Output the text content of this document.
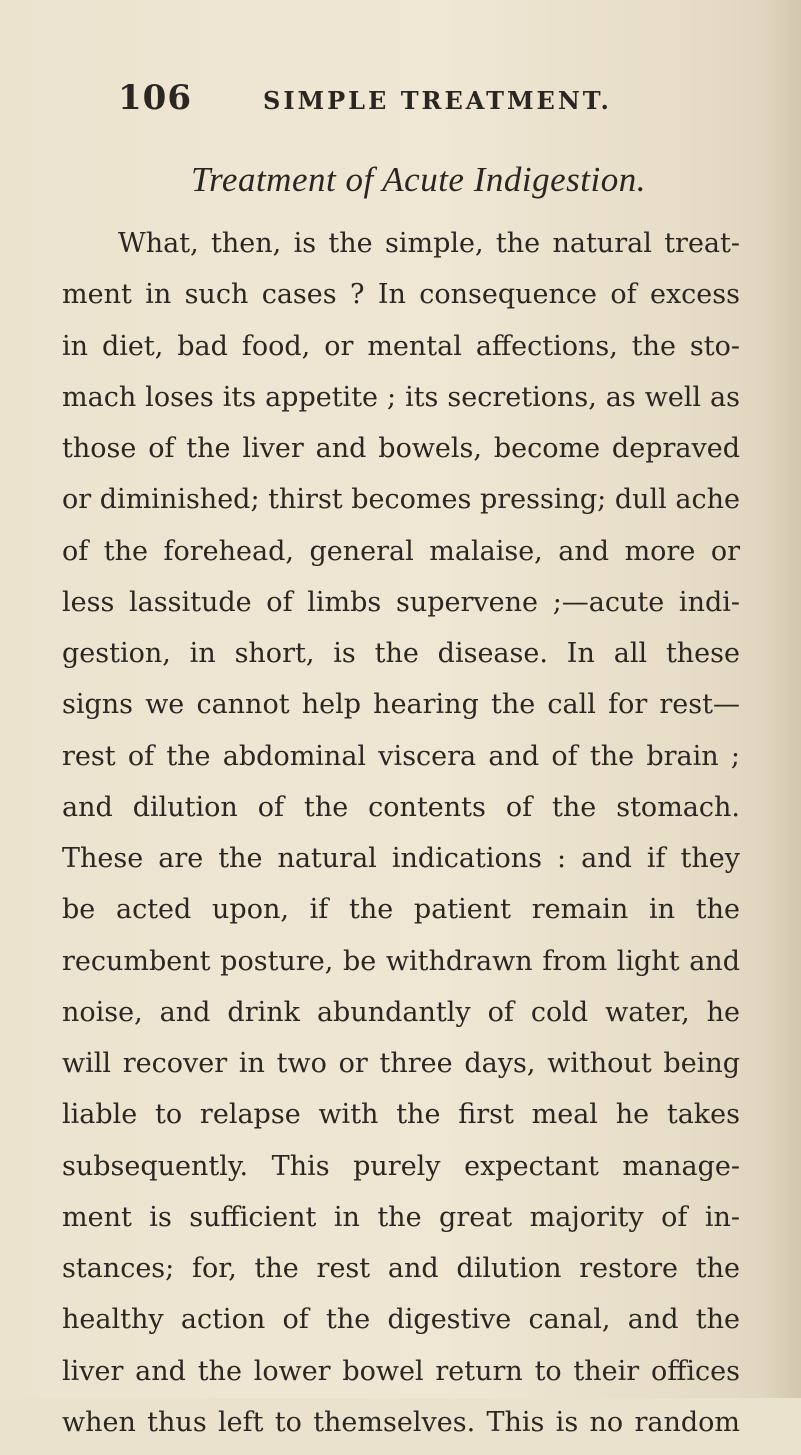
106	SIMPLE TREATMENT.
Treatment of Acute Indigestion.
What, then, is the simple, the natural treat-
ment in such cases ? In consequence of excess
in diet, bad food, or mental affections, the sto-
mach loses its appetite ; its secretions, as well as
those of the liver and bowels, become depraved
or diminished; thirst becomes pressing; dull ache
of the forehead, general malaise, and more or
less lassitude of limbs supervene ;—acute indi-
gestion, in short, is the disease. In all these
signs we cannot help hearing the call for rest—
rest of the abdominal viscera and of the brain ;
and dilution of the contents of the stomach.
These are the natural indications : and if they
be acted upon, if the patient remain in the
recumbent posture, be withdrawn from light and
noise, and drink abundantly of cold water, he
will recover in two or three days, without being
liable to relapse with the first meal he takes
subsequently. This purely expectant manage-
ment is sufficient in the great majority of in-
stances; for, the rest and dilution restore the
healthy action of the digestive canal, and the
liver and the lower bowel return to their offices
when thus left to themselves. This is no random
